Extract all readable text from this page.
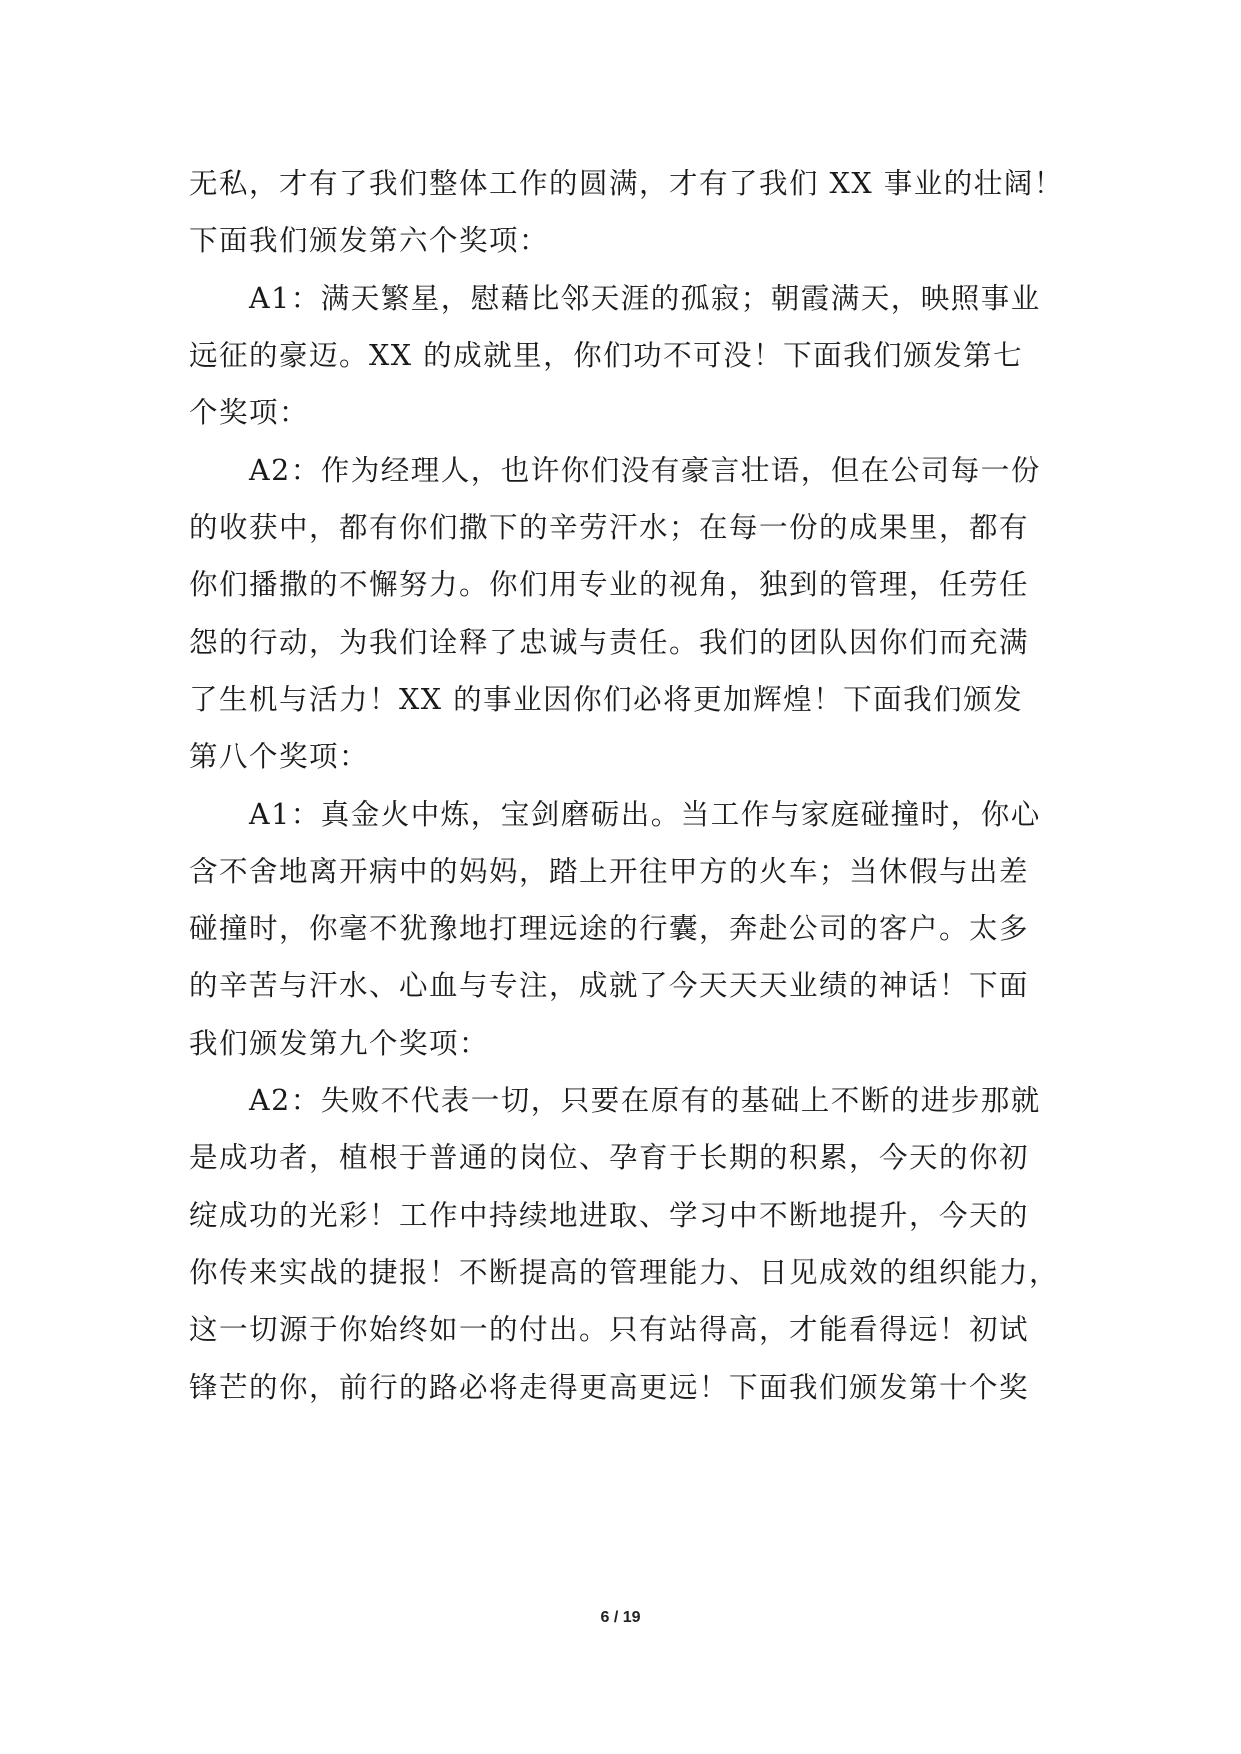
无私，才有了我们整体工作的圆满，才有了我们 XX 事业的壮阔！
下面我们颁发第六个奖项：
　　A1：满天繁星，慰藉比邻天涯的孤寂；朝霞满天，映照事业
远征的豪迈。XX 的成就里，你们功不可没！下面我们颁发第七
个奖项：
　　A2：作为经理人，也许你们没有豪言壮语，但在公司每一份
的收获中，都有你们撒下的辛劳汗水；在每一份的成果里，都有
你们播撒的不懈努力。你们用专业的视角，独到的管理，任劳任
怨的行动，为我们诠释了忠诚与责任。我们的团队因你们而充满
了生机与活力！XX 的事业因你们必将更加辉煌！下面我们颁发
第八个奖项：
　　A1：真金火中炼，宝剑磨砺出。当工作与家庭碰撞时，你心
含不舍地离开病中的妈妈，踏上开往甲方的火车；当休假与出差
碰撞时，你毫不犹豫地打理远途的行囊，奔赴公司的客户。太多
的辛苦与汗水、心血与专注，成就了今天天天业绩的神话！下面
我们颁发第九个奖项：
　　A2：失败不代表一切，只要在原有的基础上不断的进步那就
是成功者，植根于普通的岗位、孕育于长期的积累，今天的你初
绽成功的光彩！工作中持续地进取、学习中不断地提升，今天的
你传来实战的捷报！不断提高的管理能力、日见成效的组织能力，
这一切源于你始终如一的付出。只有站得高，才能看得远！初试
锋芒的你，前行的路必将走得更高更远！下面我们颁发第十个奖
6 / 19
